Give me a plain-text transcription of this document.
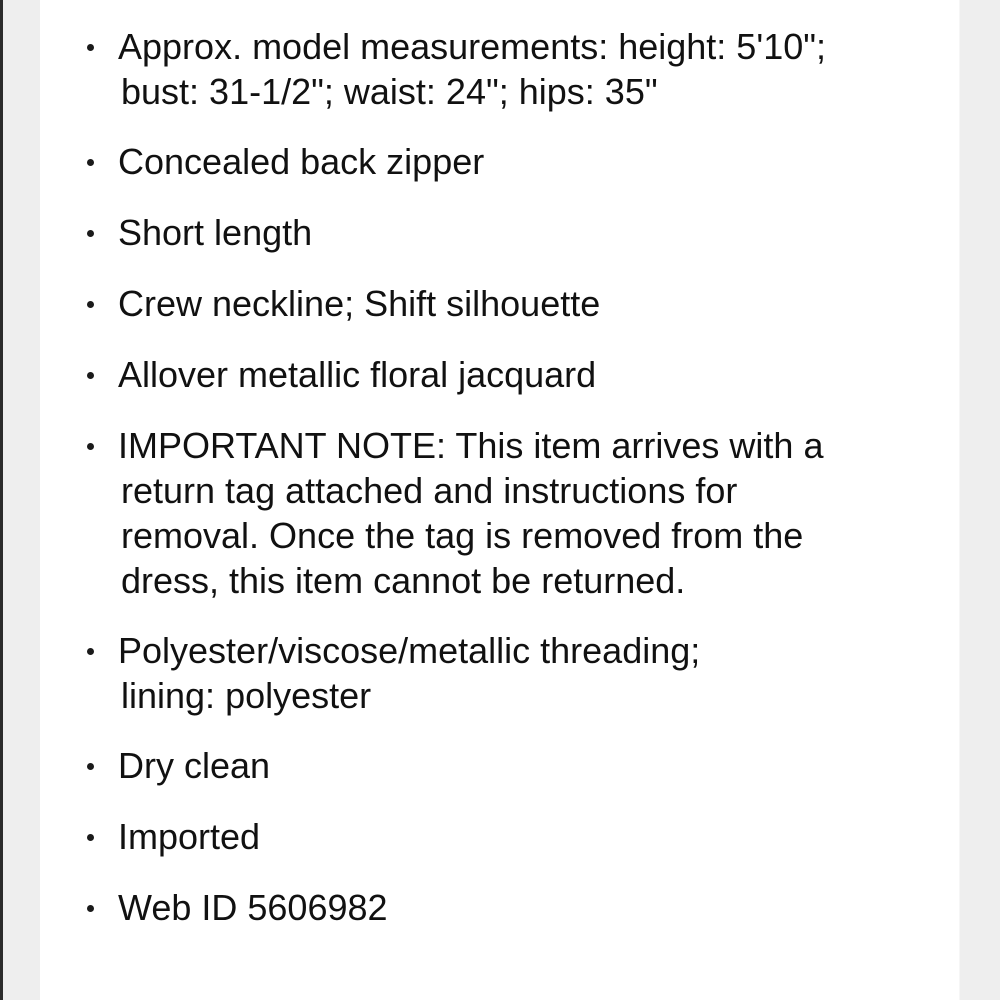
Approx. model measurements: height: 5'10";
bust: 31-1/2"; waist: 24"; hips: 35"
Concealed back zipper
Short length
Crew neckline; Shift silhouette
Allover metallic floral jacquard
IMPORTANT NOTE: This item arrives with a
return tag attached and instructions for
removal. Once the tag is removed from the
dress, this item cannot be returned.
Polyester/viscose/metallic threading;
lining: polyester
Dry clean
Imported
Web ID 5606982
